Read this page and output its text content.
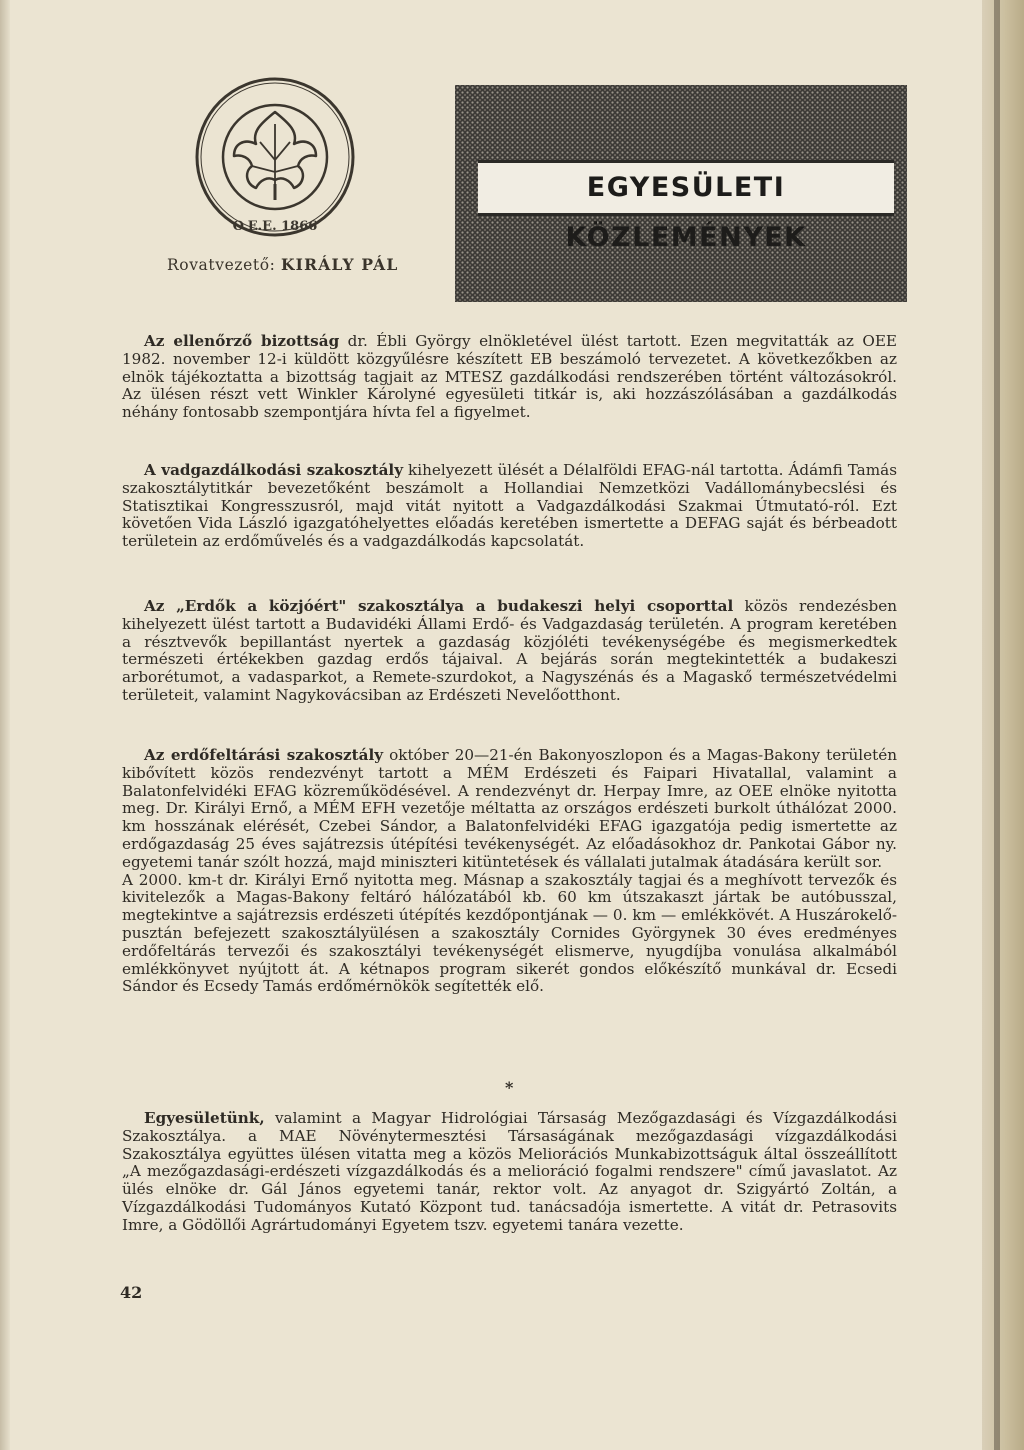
O.E.E. 1866
EGYESÜLETI KÖZLEMÉNYEK
Rovatvezető: KIRÁLY PÁL

Az ellenőrző bizottság dr. Ébli György elnökletével ülést tartott. Ezen megvitatták az OEE 1982. november 12-i küldött közgyűlésre készített EB beszámoló tervezetet. A következőkben az elnök tájékoztatta a bizottság tagjait az MTESZ gazdálkodási rendszerében történt változásokról. Az ülésen részt vett Winkler Károlyné egyesületi titkár is, aki hozzászólásában a gazdálkodás néhány fontosabb szempontjára hívta fel a figyelmet.

A vadgazdálkodási szakosztály kihelyezett ülését a Délalföldi EFAG-nál tartotta. Ádámfi Tamás szakosztálytitkár bevezetőként beszámolt a Hollandiai Nemzetközi Vadállománybecslési és Statisztikai Kongresszusról, majd vitát nyitott a Vadgazdálkodási Szakmai Útmutató-ról. Ezt követően Vida László igazgatóhelyettes előadás keretében ismertette a DEFAG saját és bérbeadott területein az erdőművelés és a vadgazdálkodás kapcsolatát.

Az „Erdők a közjóért" szakosztálya a budakeszi helyi csoporttal közös rendezésben kihelyezett ülést tartott a Budavidéki Állami Erdő- és Vadgazdaság területén. A program keretében a résztvevők bepillantást nyertek a gazdaság közjóléti tevékenységébe és megismerkedtek természeti értékekben gazdag erdős tájaival. A bejárás során megtekintették a budakeszi arborétumot, a vadasparkot, a Remete-szurdokot, a Nagyszénás és a Magaskő természetvédelmi területeit, valamint Nagykovácsiban az Erdészeti Nevelőotthont.

Az erdőfeltárási szakosztály október 20—21-én Bakonyoszlopon és a Magas-Bakony területén kibővített közös rendezvényt tartott a MÉM Erdészeti és Faipari Hivatallal, valamint a Balatonfelvidéki EFAG közreműködésével. A rendezvényt dr. Herpay Imre, az OEE elnöke nyitotta meg. Dr. Királyi Ernő, a MÉM EFH vezetője méltatta az országos erdészeti burkolt úthálózat 2000. km hosszának elérését, Czebei Sándor, a Balatonfelvidéki EFAG igazgatója pedig ismertette az erdőgazdaság 25 éves sajátrezsis útépítési tevékenységét. Az előadásokhoz dr. Pankotai Gábor ny. egyetemi tanár szólt hozzá, majd miniszteri kitüntetések és vállalati jutalmak átadására került sor.

A 2000. km-t dr. Királyi Ernő nyitotta meg. Másnap a szakosztály tagjai és a meghívott tervezők és kivitelezők a Magas-Bakony feltáró hálózatából kb. 60 km útszakaszt jártak be autóbusszal, megtekintve a sajátrezsis erdészeti útépítés kezdőpontjának — 0. km — emlékkövét. A Huszárokelő-pusztán befejezett szakosztályülésen a szakosztály Cornides Györgynek 30 éves eredményes erdőfeltárás tervezői és szakosztályi tevékenységét elismerve, nyugdíjba vonulása alkalmából emlékkönyvet nyújtott át. A kétnapos program sikerét gondos előkészítő munkával dr. Ecsedi Sándor és Ecsedy Tamás erdőmérnökök segítették elő.

*

Egyesületünk, valamint a Magyar Hidrológiai Társaság Mezőgazdasági és Vízgazdálkodási Szakosztálya. a MAE Növénytermesztési Társaságának mezőgazdasági vízgazdálkodási Szakosztálya együttes ülésen vitatta meg a közös Meliorációs Munkabizottságuk által összeállított „A mezőgazdasági-erdészeti vízgazdálkodás és a melioráció fogalmi rendszere" című javaslatot. Az ülés elnöke dr. Gál János egyetemi tanár, rektor volt. Az anyagot dr. Szigyártó Zoltán, a Vízgazdálkodási Tudományos Kutató Központ tud. tanácsadója ismertette. A vitát dr. Petrasovits Imre, a Gödöllői Agrártudományi Egyetem tszv. egyetemi tanára vezette.

42
